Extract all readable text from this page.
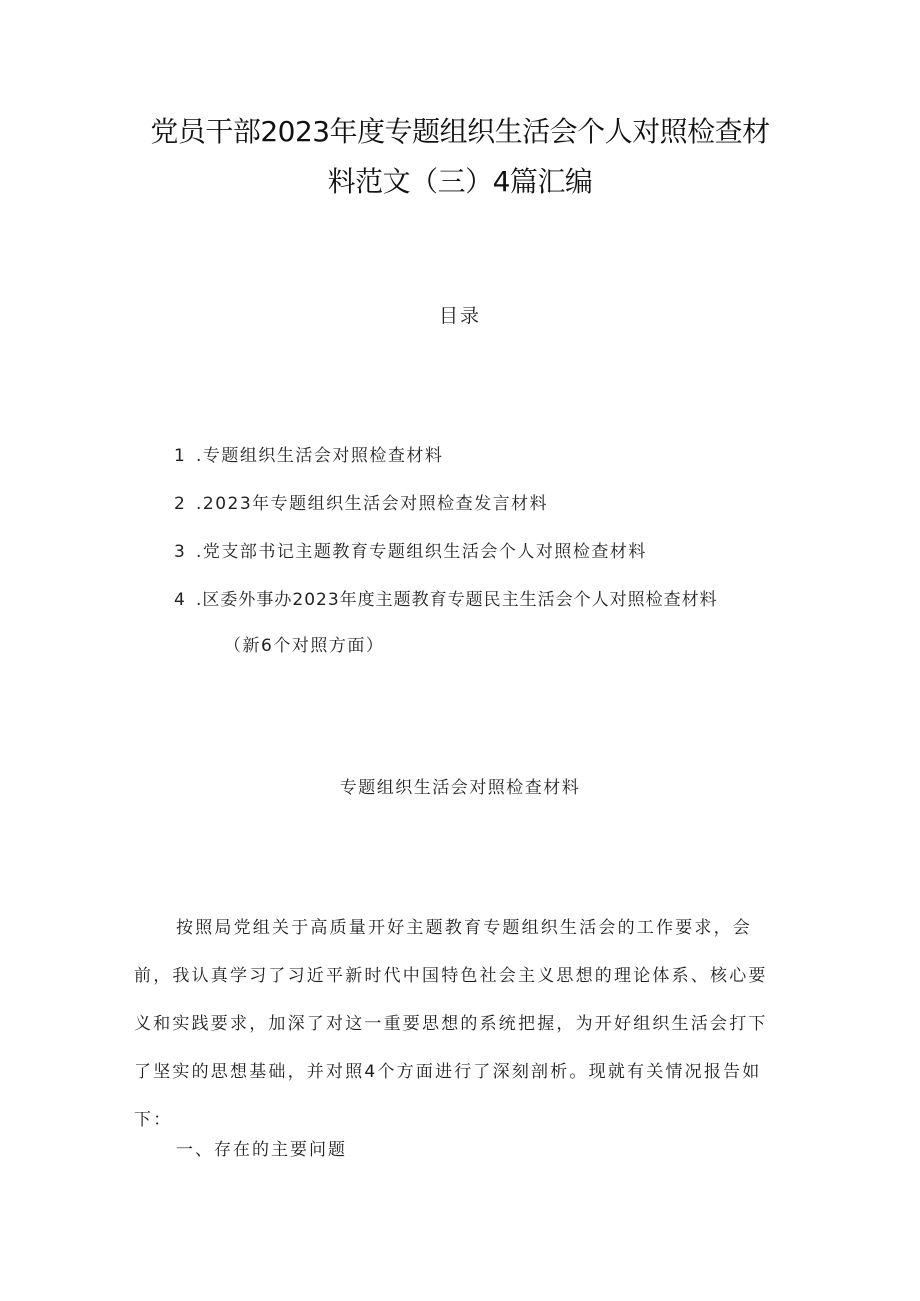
党员干部2023年度专题组织生活会个人对照检查材
料范文（三）4篇汇编
目录
1 .专题组织生活会对照检查材料
2 .2023年专题组织生活会对照检查发言材料
3 .党支部书记主题教育专题组织生活会个人对照检查材料
4 .区委外事办2023年度主题教育专题民主生活会个人对照检查材料
（新6个对照方面）
专题组织生活会对照检查材料
按照局党组关于高质量开好主题教育专题组织生活会的工作要求，会
前，我认真学习了习近平新时代中国特色社会主义思想的理论体系、核心要
义和实践要求，加深了对这一重要思想的系统把握，为开好组织生活会打下
了坚实的思想基础，并对照4个方面进行了深刻剖析。现就有关情况报告如
下：
一、存在的主要问题
